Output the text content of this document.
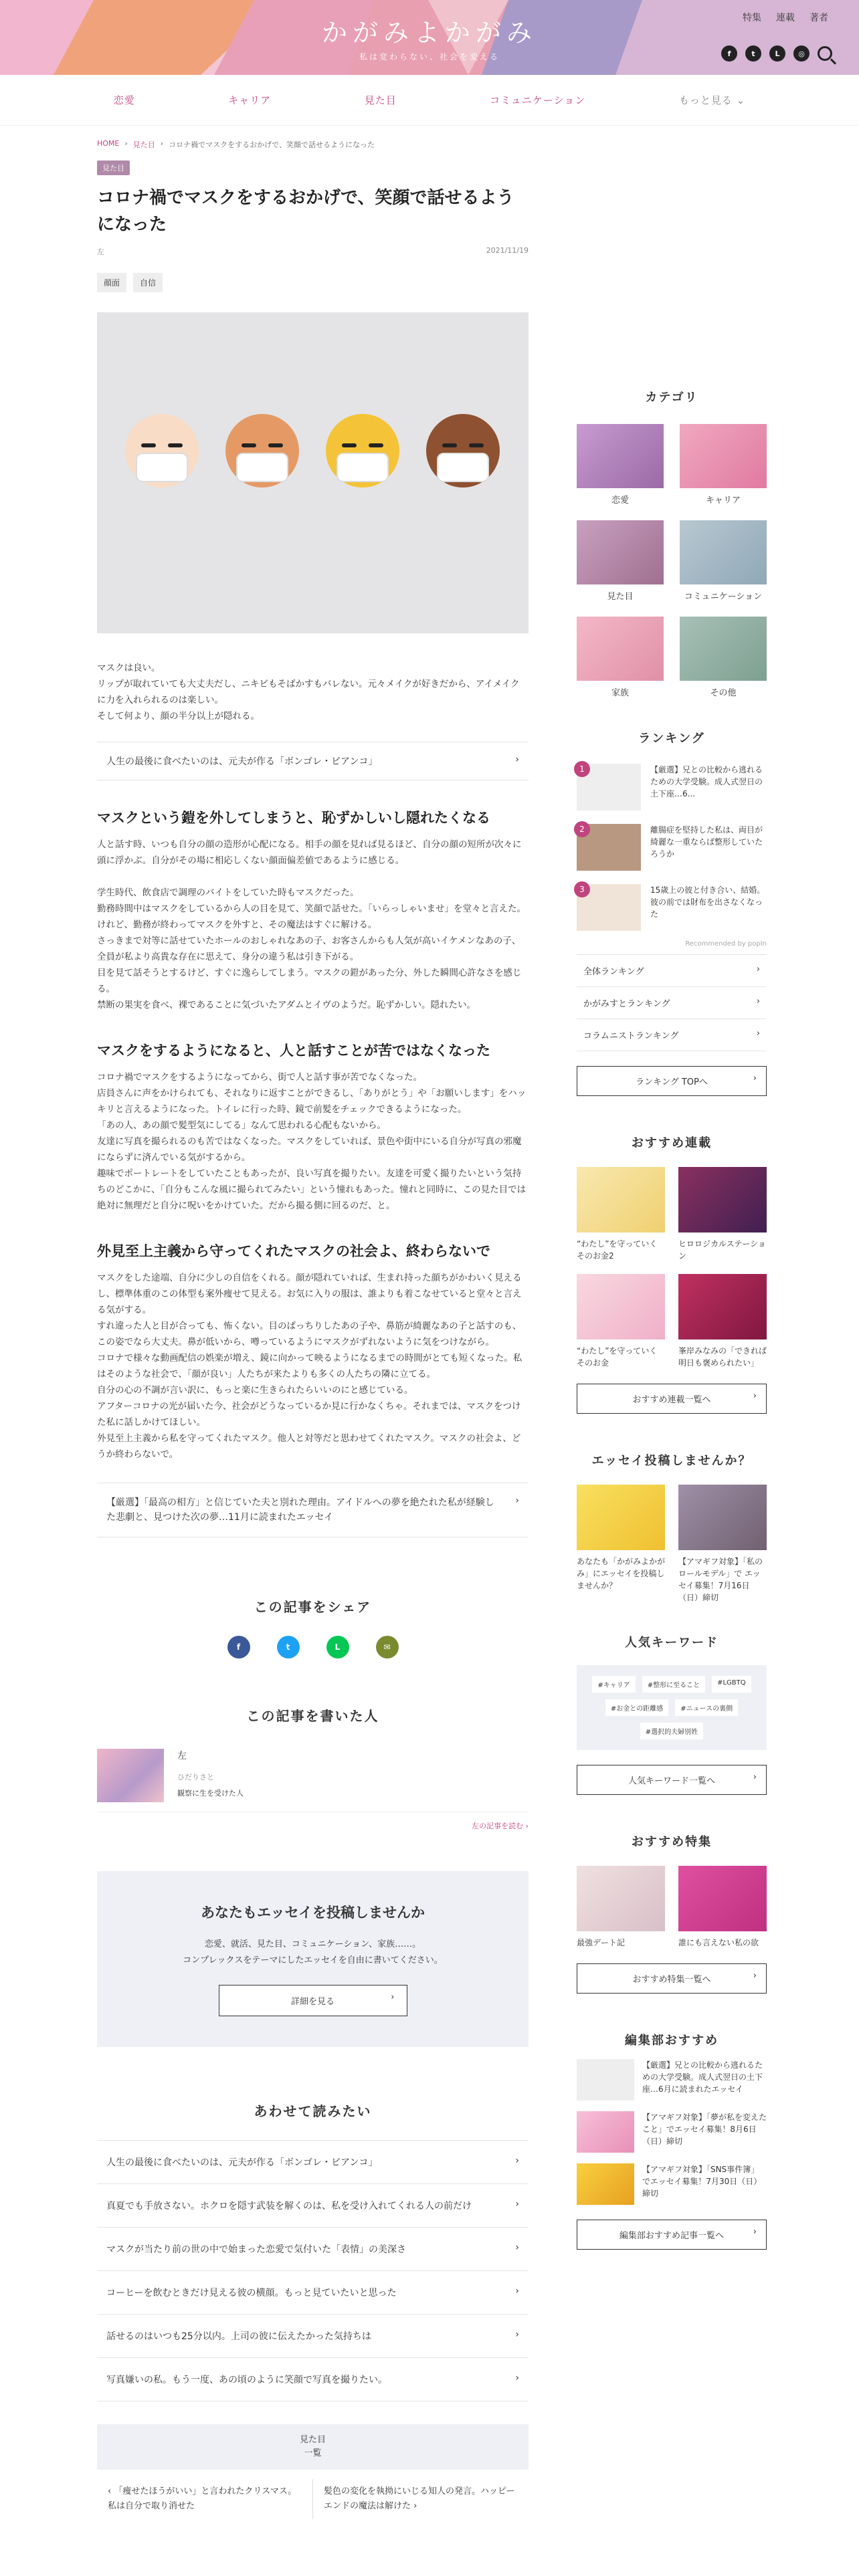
かがみよかがみ
私は変わらない、社会を変える
特集 連載 著者
f	t	L	◎
恋愛	キャリア	見た目	コミュニケーション	もっと見る ⌄
HOME › 見た目 › コロナ禍でマスクをするおかげで、笑顔で話せるようになった
見た目
コロナ禍でマスクをするおかげで、笑顔で話せるようになった
左	2021/11/19
顔面	自信

マスクは良い。
リップが取れていても大丈夫だし、ニキビもそばかすもバレない。元々メイクが好きだから、アイメイクに力を入れられるのは楽しい。
そして何より、顔の半分以上が隠れる。

人生の最後に食べたいのは、元夫が作る「ボンゴレ・ビアンコ」	›
マスクという鎧を外してしまうと、恥ずかしいし隠れたくなる

人と話す時、いつも自分の顔の造形が心配になる。相手の顔を見れば見るほど、自分の顔の短所が次々に頭に浮かぶ。自分がその場に相応しくない顔面偏差値であるように感じる。

学生時代、飲食店で調理のバイトをしていた時もマスクだった。
勤務時間中はマスクをしているから人の目を見て、笑顔で話せた。「いらっしゃいませ」を堂々と言えた。けれど、勤務が終わってマスクを外すと、その魔法はすぐに解ける。
さっきまで対等に話せていたホールのおしゃれなあの子、お客さんからも人気が高いイケメンなあの子、全員が私より高貴な存在に思えて、身分の違う私は引き下がる。
目を見て話そうとするけど、すぐに逸らしてしまう。マスクの鎧があった分、外した瞬間心許なさを感じる。
禁断の果実を食べ、裸であることに気づいたアダムとイヴのようだ。恥ずかしい。隠れたい。

マスクをするようになると、人と話すことが苦ではなくなった

コロナ禍でマスクをするようになってから、街で人と話す事が苦でなくなった。
店員さんに声をかけられても、それなりに返すことができるし、「ありがとう」や「お願いします」をハッキリと言えるようになった。トイレに行った時、鏡で前髪をチェックできるようになった。
「あの人、あの顔で髪型気にしてる」なんて思われる心配もないから。
友達に写真を撮られるのも苦ではなくなった。マスクをしていれば、景色や街中にいる自分が写真の邪魔にならずに済んでいる気がするから。
趣味でポートレートをしていたこともあったが、良い写真を撮りたい。友達を可愛く撮りたいという気持ちのどこかに、「自分もこんな風に撮られてみたい」という憧れもあった。憧れと同時に、この見た目では絶対に無理だと自分に呪いをかけていた。だから撮る側に回るのだ、と。

外見至上主義から守ってくれたマスクの社会よ、終わらないで

マスクをした途端、自分に少しの自信をくれる。顔が隠れていれば、生まれ持った顔ちがかわいく見えるし、標準体重のこの体型も案外痩せて見える。お気に入りの服は、誰よりも着こなせていると堂々と言える気がする。
すれ違った人と目が合っても、怖くない。目のぱっちりしたあの子や、鼻筋が綺麗なあの子と話すのも、この姿でなら大丈夫。鼻が低いから、噂っているようにマスクがずれないように気をつけながら。
コロナで様々な動画配信の娯楽が増え、鏡に向かって映るようになるまでの時間がとても短くなった。私はそのような社会で、「顔が良い」人たちが来たよりも多くの人たちの隣に立てる。
自分の心の不調が言い訳に、もっと楽に生きられたらいいのにと感じている。
アフターコロナの光が届いた今、社会がどうなっているか見に行かなくちゃ。それまでは、マスクをつけた私に話しかけてほしい。
外見至上主義から私を守ってくれたマスク。他人と対等だと思わせてくれたマスク。マスクの社会よ、どうか終わらないで。

【厳選】「最高の相方」と信じていた夫と別れた理由。アイドルへの夢を絶たれた私が経験した悲劇と、見つけた次の夢…11月に読まれたエッセイ
›
この記事をシェア
f	t	L	✉
この記事を書いた人
左
ひだりさと
観察に生を受けた人
左の記事を読む ›
あなたもエッセイを投稿しませんか

恋愛、就活、見た目、コミュニケーション、家族……。
コンプレックスをテーマにしたエッセイを自由に書いてください。

詳細を見る ›
あわせて読みたい
人生の最後に食べたいのは、元夫が作る「ボンゴレ・ビアンコ」	›
真夏でも手放さない。ホクロを隠す武装を解くのは、私を受け入れてくれる人の前だけ	›
マスクが当たり前の世の中で始まった恋愛で気付いた「表情」の美深さ	›
コーヒーを飲むときだけ見える彼の横顔。もっと見ていたいと思った	›
話せるのはいつも25分以内。上司の彼に伝えたかった気持ちは	›
写真嫌いの私。もう一度、あの頃のように笑顔で写真を撮りたい。	›
見た目
一覧
‹ 「痩せたほうがいい」と言われたクリスマス。私は自分で取り消せた
髪色の変化を執拗にいじる知人の発言。ハッピーエンドの魔法は解けた ›
カテゴリ
恋愛	キャリア
見た目	コミュニケーション
家族	その他
ランキング
1	【厳選】兄との比較から逃れるための大学受験。成人式翌日の土下座…6...

2	離腸症を堅持した私は、両目が綺麗な一重ならば整形していたろうか

3	15歳上の彼と付き合い、結婚。彼の前では財布を出さなくなった

Recommended by popIn
全体ランキング	›
かがみすとランキング	›
コラムニストランキング	›
ランキング TOPへ ›
おすすめ連載

“わたし”を守っていくそのお金2

ヒロロジカルステーション

“わたし”を守っていくそのお金

峯岸みなみの「できれば明日も褒められたい」

おすすめ連載一覧へ ›
エッセイ投稿しませんか？

あなたも「かがみよかがみ」にエッセイを投稿しませんか？

【アマギフ対象】「私のロールモデル」で エッセイ募集！7月16日（日）締切

人気キーワード
#キャリア	#整形に至ること	#LGBTQ
#お金との距離感	#ニュースの裏側
#選択的夫婦別姓
人気キーワード一覧へ ›
おすすめ特集

最強デート記	誰にも言えない私の欲

おすすめ特集一覧へ ›
編集部おすすめ

【厳選】兄との比較から逃れるための大学受験。成人式翌日の土下座…6月に読まれたエッセイ

【アマギフ対象】「夢が私を変えたこと」でエッセイ募集！8月6日（日）締切

【アマギフ対象】「SNS事件簿」でエッセイ募集！7月30日（日）締切

編集部おすすめ記事一覧へ ›
